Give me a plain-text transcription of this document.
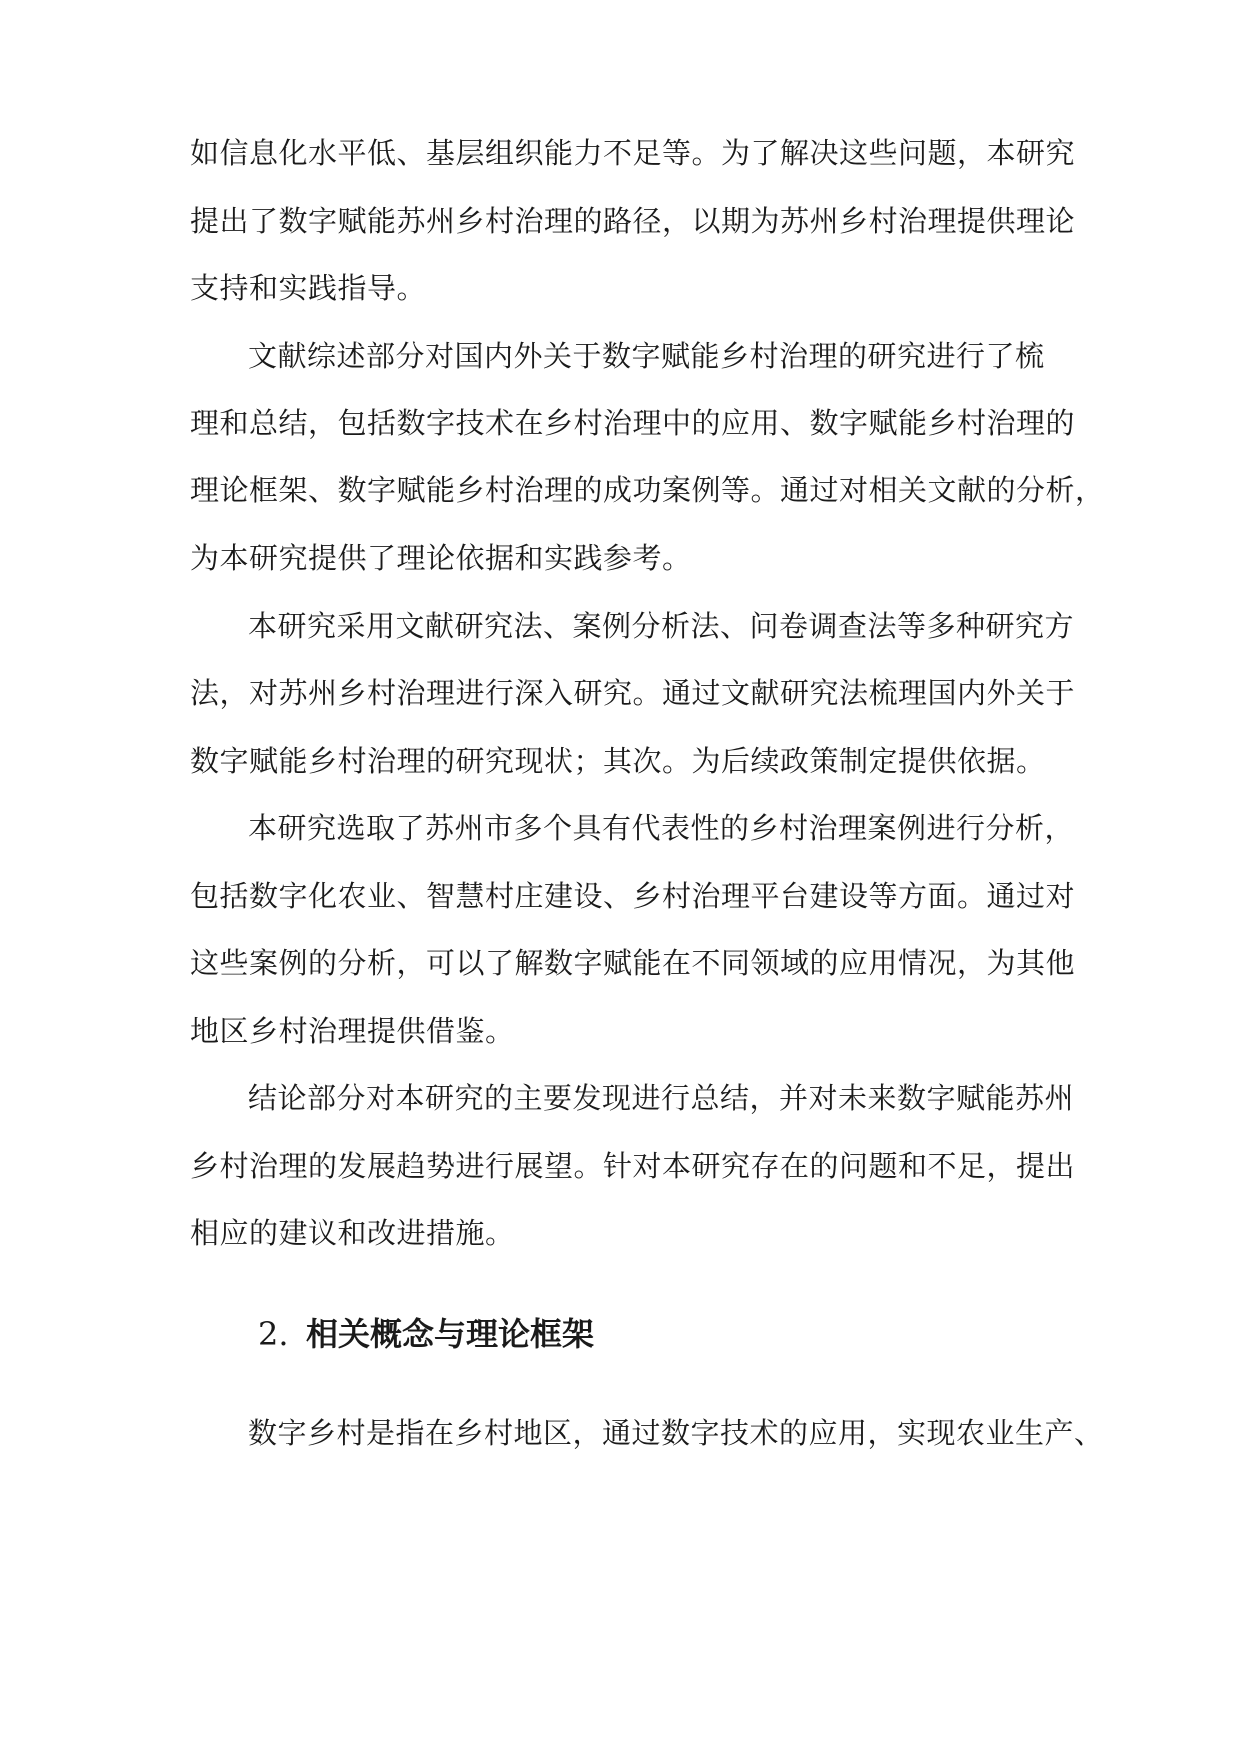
如信息化水平低、基层组织能力不足等。为了解决这些问题，本研究
提出了数字赋能苏州乡村治理的路径，以期为苏州乡村治理提供理论
支持和实践指导。
文献综述部分对国内外关于数字赋能乡村治理的研究进行了梳
理和总结，包括数字技术在乡村治理中的应用、数字赋能乡村治理的
理论框架、数字赋能乡村治理的成功案例等。通过对相关文献的分析，
为本研究提供了理论依据和实践参考。
本研究采用文献研究法、案例分析法、问卷调查法等多种研究方
法，对苏州乡村治理进行深入研究。通过文献研究法梳理国内外关于
数字赋能乡村治理的研究现状；其次。为后续政策制定提供依据。
本研究选取了苏州市多个具有代表性的乡村治理案例进行分析，
包括数字化农业、智慧村庄建设、乡村治理平台建设等方面。通过对
这些案例的分析，可以了解数字赋能在不同领域的应用情况，为其他
地区乡村治理提供借鉴。
结论部分对本研究的主要发现进行总结，并对未来数字赋能苏州
乡村治理的发展趋势进行展望。针对本研究存在的问题和不足，提出
相应的建议和改进措施。
2. 相关概念与理论框架
数字乡村是指在乡村地区，通过数字技术的应用，实现农业生产、
